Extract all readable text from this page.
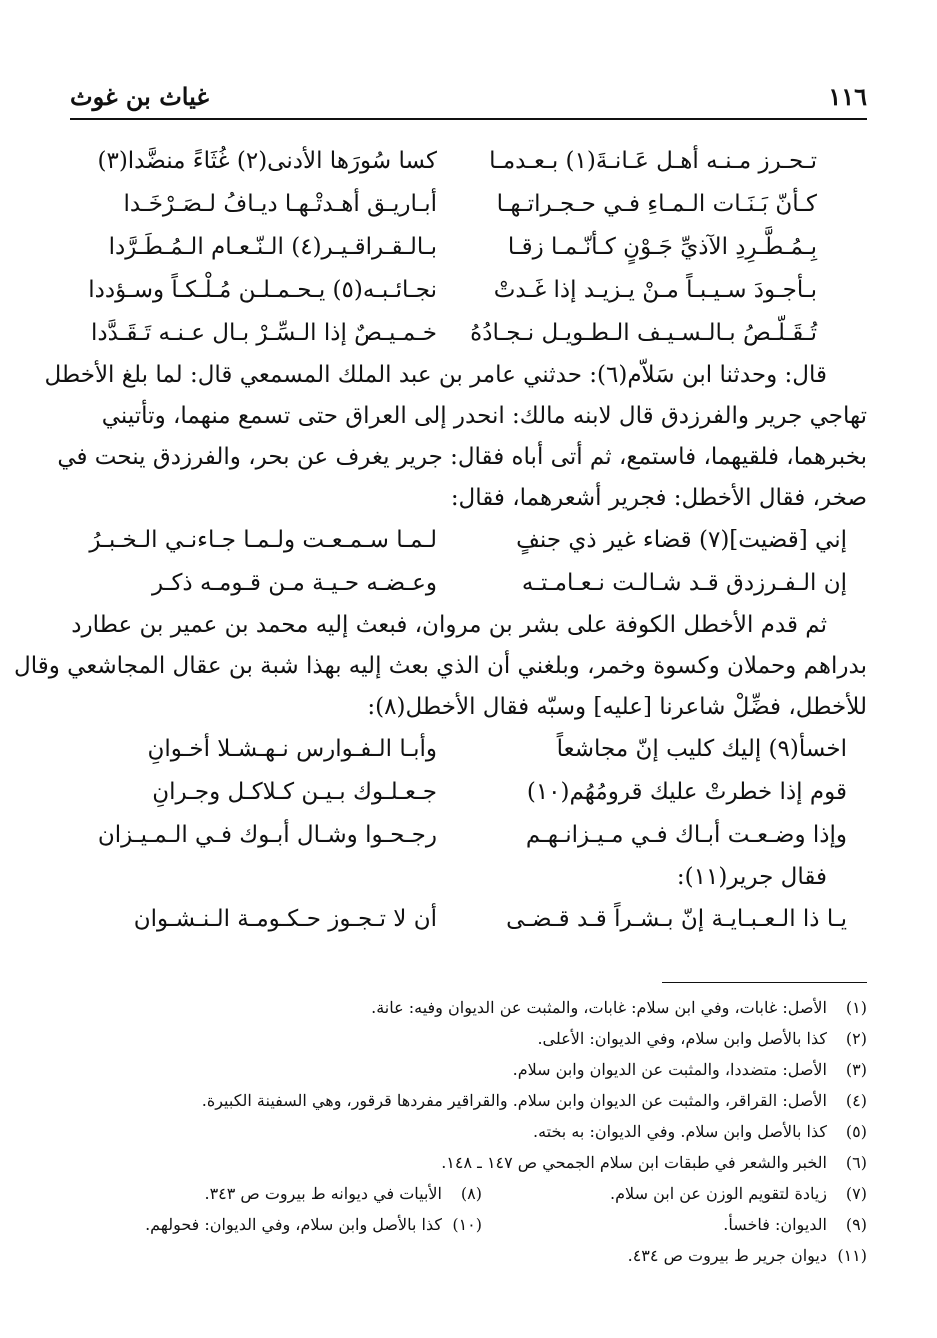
١١٦
غياث بن غوث
تـحـرز مـنـه أهـل عَـانـةَ(١) بـعـدمـا
كسا سُورَها الأدنى(٢) غُثَاءً منضَّدا(٣)
كـأنّ بَـنَـات الـمـاءِ فـي حـجـراتـهـا
أبـاريـق أهـدتْـهـا ديـافُ لـصَـرْخَـدا
بِـمُـطَّـرِدِ الآذيِّ جَـوْنٍ كـأنّـمـا زقـا
بـالـقـراقـيـر(٤) الـنّـعـام الـمُـطَـرَّدا
بـأجـودَ سـيـبـاً مـنْ يـزيـد إذا غَـدتْ
نجـائـبـه(٥) يـحـمـلـن مُـلْـكـاً وسـؤددا
تُـقَـلّـصُ بـالـسـيـف الـطـويـل نـجـادُهُ
خـمـيـصٌ إذا الـسِّـرْ بـال عـنـه تَـقَـدَّدا
قال: وحدثنا ابن سَلاّم(٦): حدثني عامر بن عبد الملك المسمعي قال: لما بلغ الأخطل
تهاجي جرير والفرزدق قال لابنه مالك: انحدر إلى العراق حتى تسمع منهما، وتأتيني
بخبرهما، فلقيهما، فاستمع، ثم أتى أباه فقال: جرير يغرف عن بحر، والفرزدق ينحت في
صخر، فقال الأخطل: فجرير أشعرهما، فقال:
إني [قضيت](٧) قضاء غير ذي جنفٍ
لـمـا سـمـعـت ولـمـا جـاءنـي الـخـبـرُ
إن الـفـرزدق قـد شـالـت نـعـامـتـه
وعـضـه حـيـة مـن قـومـه ذكـر
ثم قدم الأخطل الكوفة على بشر بن مروان، فبعث إليه محمد بن عمير بن عطارد
بدراهم وحملان وكسوة وخمر، وبلغني أن الذي بعث إليه بهذا شبة بن عقال المجاشعي وقال
للأخطل، فضِّلْ شاعرنا [عليه] وسبّه فقال الأخطل(٨):
اخسأ(٩) إليك كليب إنّ مجاشعاً
وأبـا الـفـوارس نـهـشـلا أخـوانِ
قوم إذا خطرتْ عليك قرومُهُم(١٠)
جـعـلـوك بـيـن كـلاكـل وجـرانِ
وإذا وضـعـت أبـاك فـي مـيـزانـهـم
رجـحـوا وشـال أبـوك فـي الـمـيـزان
فقال جرير(١١):
يـا ذا الـعـبـايـة إنّ بـشـراً قـد قـضـى
أن لا تـجـوز حـكـومـة الـنـشـوان
(١)
الأصل: غابات، وفي ابن سلام: غابات، والمثبت عن الديوان وفيه: عانة.
(٢)
كذا بالأصل وابن سلام، وفي الديوان: الأعلى.
(٣)
الأصل: متضددا، والمثبت عن الديوان وابن سلام.
(٤)
الأصل: القراقر، والمثبت عن الديوان وابن سلام. والقراقير مفردها قرقور، وهي السفينة الكبيرة.
(٥)
كذا بالأصل وابن سلام. وفي الديوان: به بخته.
(٦)
الخبر والشعر في طبقات ابن سلام الجمحي ص ١٤٧ ـ ١٤٨.
(٧)
زيادة لتقويم الوزن عن ابن سلام.
(٨)
الأبيات في ديوانه ط بيروت ص ٣٤٣.
(٩)
الديوان: فاخسأ.
(١٠)
كذا بالأصل وابن سلام، وفي الديوان: فحولهم.
(١١)
ديوان جرير ط بيروت ص ٤٣٤.
